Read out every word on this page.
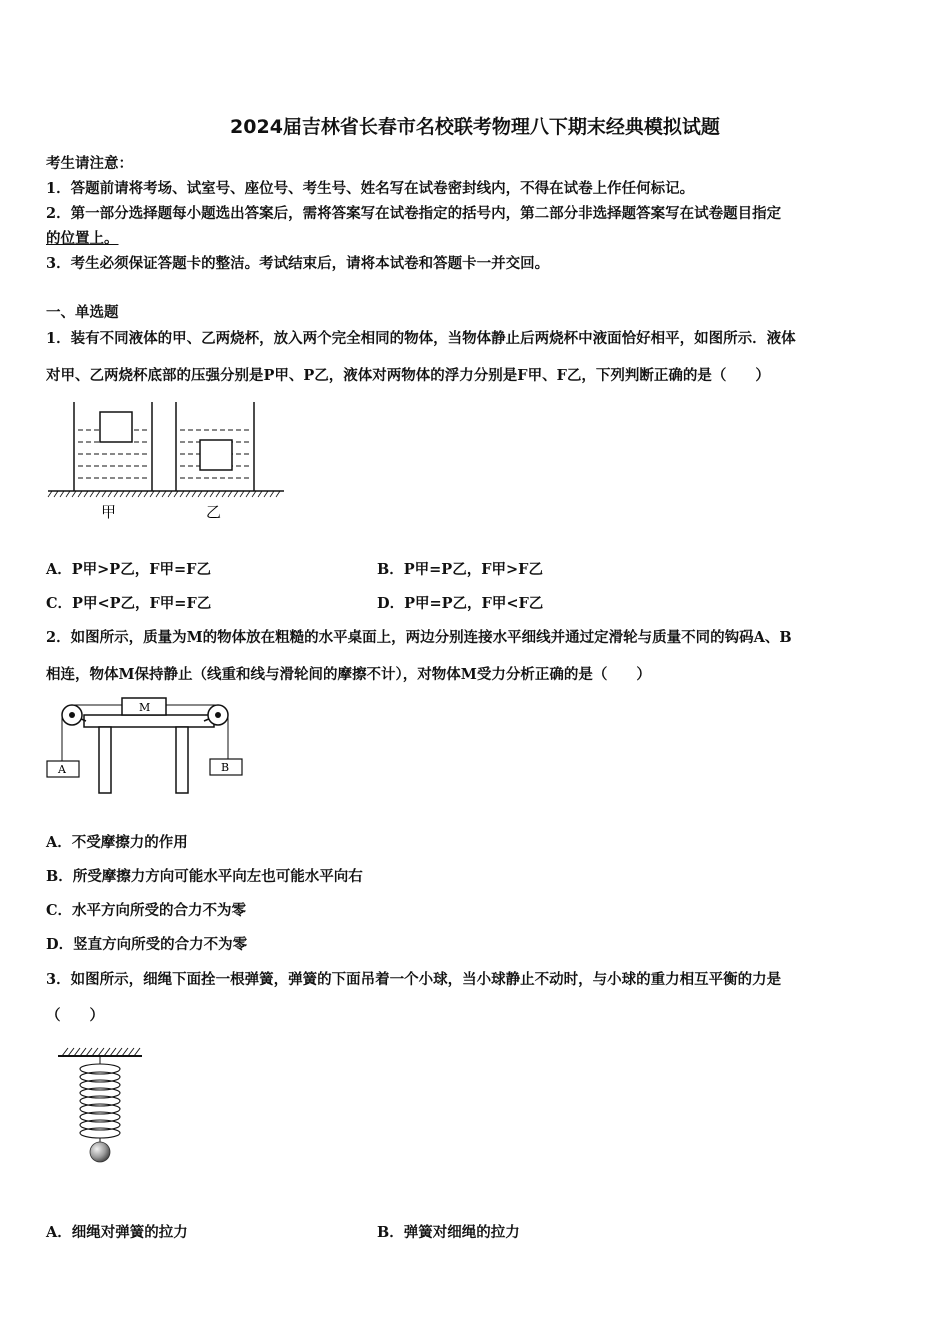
2024届吉林省长春市名校联考物理八下期末经典模拟试题
考生请注意：
1．答题前请将考场、试室号、座位号、考生号、姓名写在试卷密封线内，不得在试卷上作任何标记。
2．第一部分选择题每小题选出答案后，需将答案写在试卷指定的括号内，第二部分非选择题答案写在试卷题目指定
的位置上。
3．考生必须保证答题卡的整洁。考试结束后，请将本试卷和答题卡一并交回。
一、单选题
1．装有不同液体的甲、乙两烧杯，放入两个完全相同的物体，当物体静止后两烧杯中液面恰好相平，如图所示．液体
对甲、乙两烧杯底部的压强分别是P甲、P乙，液体对两物体的浮力分别是F甲、F乙，下列判断正确的是（　　）
甲	乙
A．P甲>P乙，F甲=F乙	B．P甲=P乙，F甲>F乙
C．P甲<P乙，F甲=F乙	D．P甲=P乙，F甲<F乙
2．如图所示，质量为M的物体放在粗糙的水平桌面上，两边分别连接水平细线并通过定滑轮与质量不同的钩码A、B
相连，物体M保持静止（线重和线与滑轮间的摩擦不计），对物体M受力分析正确的是（　　）
M
A	B
A．不受摩擦力的作用
B．所受摩擦力方向可能水平向左也可能水平向右
C．水平方向所受的合力不为零
D．竖直方向所受的合力不为零
3．如图所示，细绳下面拴一根弹簧，弹簧的下面吊着一个小球，当小球静止不动时，与小球的重力相互平衡的力是
（　　）
A．细绳对弹簧的拉力	B．弹簧对细绳的拉力
